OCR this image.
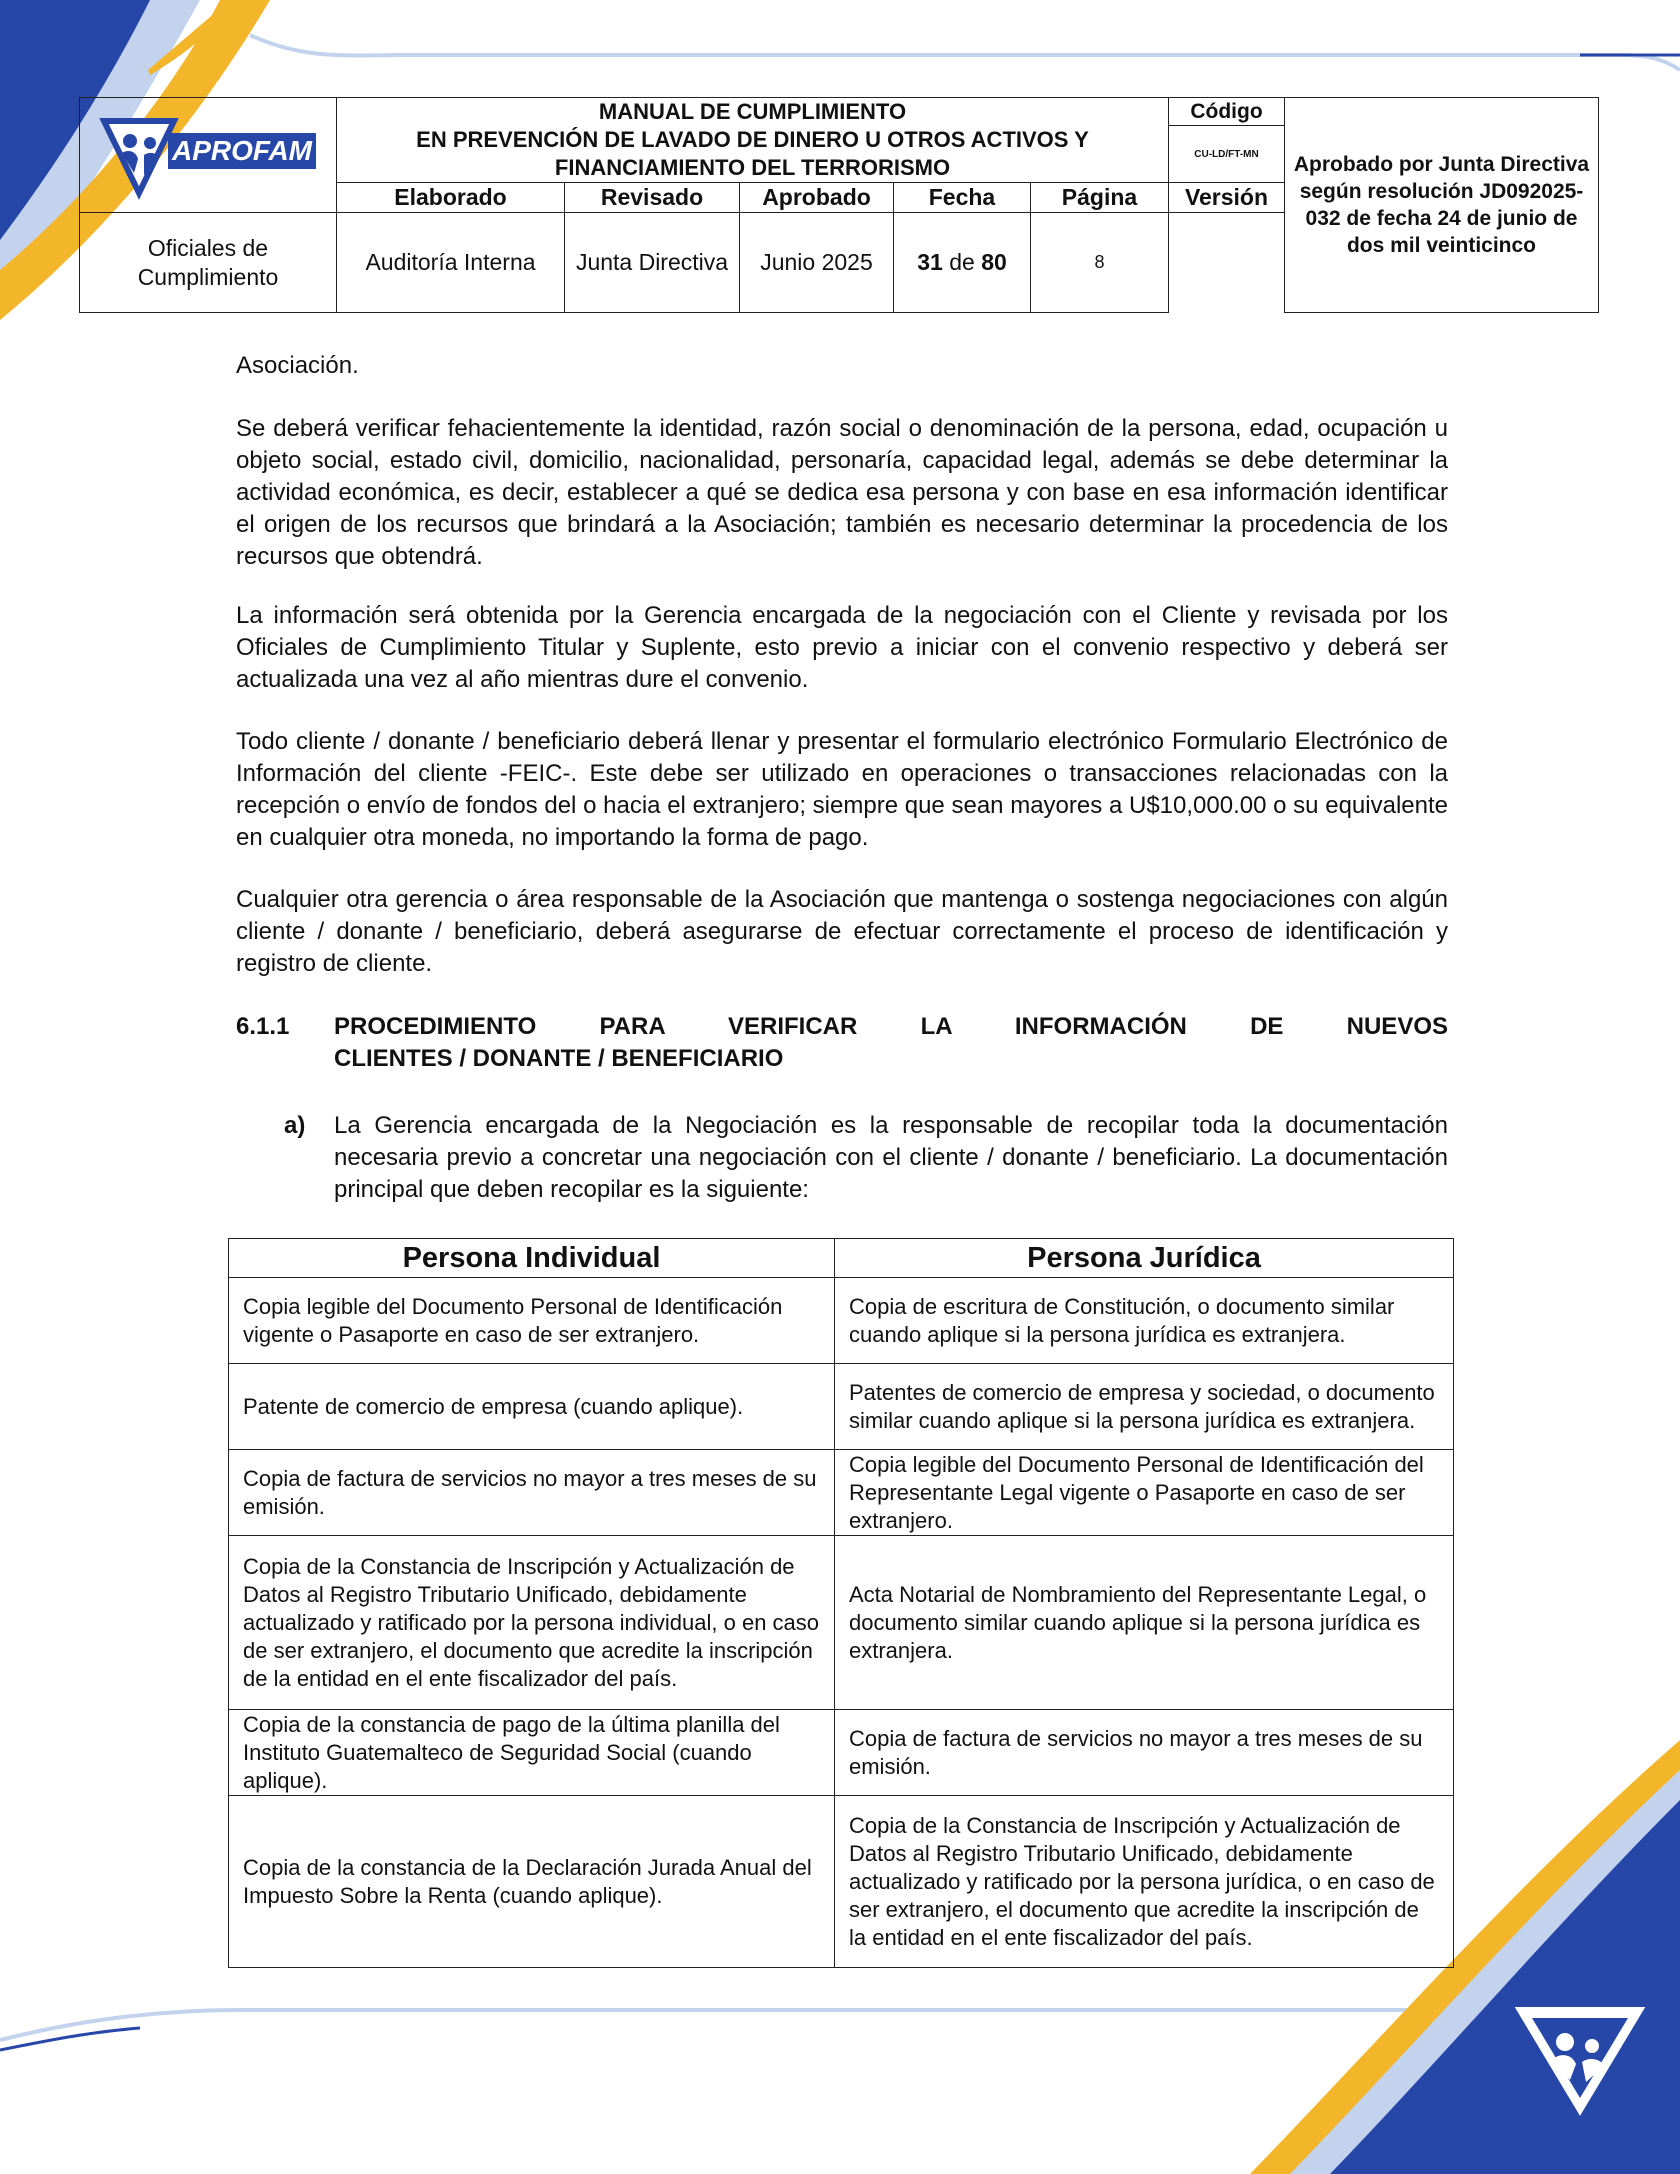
APROFAM	MANUAL DE CUMPLIMIENTO
EN PREVENCIÓN DE LAVADO DE DINERO U OTROS ACTIVOS Y
FINANCIAMIENTO DEL TERRORISMO					Código	Aprobado por Junta Directiva según resolución JD092025-032 de fecha 24 de junio de dos mil veinticinco
						CU-LD/FT-MN	

	Elaborado	Revisado	Aprobado	Fecha	Página	Versión	
Oficiales de Cumplimiento	Auditoría Interna	Junta Directiva	Junio 2025	31 de 80	8		

Asociación.

Se deberá verificar fehacientemente la identidad, razón social o denominación de la persona, edad, ocupación u objeto social, estado civil, domicilio, nacionalidad, personaría, capacidad legal, además se debe determinar la actividad económica, es decir, establecer a qué se dedica esa persona y con base en esa información identificar el origen de los recursos que brindará a la Asociación; también es necesario determinar la procedencia de los recursos que obtendrá.

La información será obtenida por la Gerencia encargada de la negociación con el Cliente y revisada por los Oficiales de Cumplimiento Titular y Suplente, esto previo a iniciar con el convenio respectivo y deberá ser actualizada una vez al año mientras dure el convenio.

Todo cliente / donante / beneficiario deberá llenar y presentar el formulario electrónico Formulario Electrónico de Información del cliente -FEIC-. Este debe ser utilizado en operaciones o transacciones relacionadas con la recepción o envío de fondos del o hacia el extranjero; siempre que sean mayores a U$10,000.00 o su equivalente en cualquier otra moneda, no importando la forma de pago.

Cualquier otra gerencia o área responsable de la Asociación que mantenga o sostenga negociaciones con algún cliente / donante / beneficiario, deberá asegurarse de efectuar correctamente el proceso de identificación y registro de cliente.

6.1.1 PROCEDIMIENTO PARA VERIFICAR LA INFORMACIÓN DE NUEVOS
CLIENTES / DONANTE / BENEFICIARIO
a) La Gerencia encargada de la Negociación es la responsable de recopilar toda la documentación necesaria previo a concretar una negociación con el cliente / donante / beneficiario. La documentación principal que deben recopilar es la siguiente:
Persona Individual	Persona Jurídica
Copia legible del Documento Personal de Identificación vigente o Pasaporte en caso de ser extranjero.	Copia de escritura de Constitución, o documento similar cuando aplique si la persona jurídica es extranjera.
Patente de comercio de empresa (cuando aplique).	Patentes de comercio de empresa y sociedad, o documento similar cuando aplique si la persona jurídica es extranjera.
Copia de factura de servicios no mayor a tres meses de su emisión.	Copia legible del Documento Personal de Identificación del Representante Legal vigente o Pasaporte en caso de ser extranjero.
Copia de la Constancia de Inscripción y Actualización de Datos al Registro Tributario Unificado, debidamente actualizado y ratificado por la persona individual, o en caso de ser extranjero, el documento que acredite la inscripción de la entidad en el ente fiscalizador del país.	Acta Notarial de Nombramiento del Representante Legal, o documento similar cuando aplique si la persona jurídica es extranjera.
Copia de la constancia de pago de la última planilla del Instituto Guatemalteco de Seguridad Social (cuando aplique).	Copia de factura de servicios no mayor a tres meses de su emisión.
Copia de la constancia de la Declaración Jurada Anual del Impuesto Sobre la Renta (cuando aplique).	Copia de la Constancia de Inscripción y Actualización de Datos al Registro Tributario Unificado, debidamente actualizado y ratificado por la persona jurídica, o en caso de ser extranjero, el documento que acredite la inscripción de la entidad en el ente fiscalizador del país.
